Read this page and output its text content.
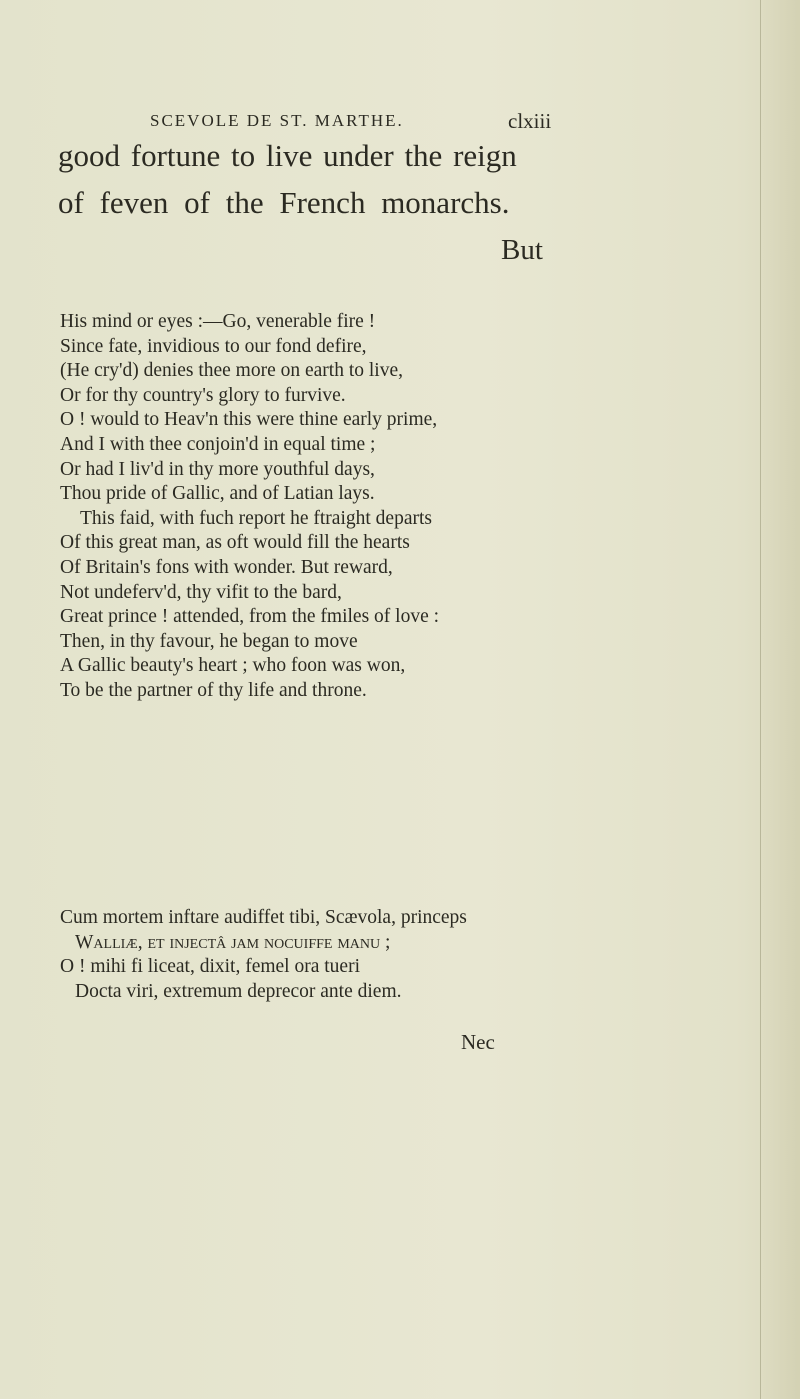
SCEVOLE DE ST. MARTHE.	clxiii
good fortune to live under the reign
of feven of the French monarchs.
But
His mind or eyes :—Go, venerable fire !
Since fate, invidious to our fond defire,
(He cry'd) denies thee more on earth to live,
Or for thy country's glory to furvive.
O ! would to Heav'n this were thine early prime,
And I with thee conjoin'd in equal time ;
Or had I liv'd in thy more youthful days,
Thou pride of Gallic, and of Latian lays.
This faid, with fuch report he ftraight departs
Of this great man, as oft would fill the hearts
Of Britain's fons with wonder. But reward,
Not undeferv'd, thy vifit to the bard,
Great prince ! attended, from the fmiles of love :
Then, in thy favour, he began to move
A Gallic beauty's heart ; who foon was won,
To be the partner of thy life and throne.
Cum mortem inftare audiffet tibi, Scævola, princeps
Walliæ, et injectâ jam nocuiffe manu ;
O ! mihi fi liceat, dixit, femel ora tueri
Docta viri, extremum deprecor ante diem.
Nec
